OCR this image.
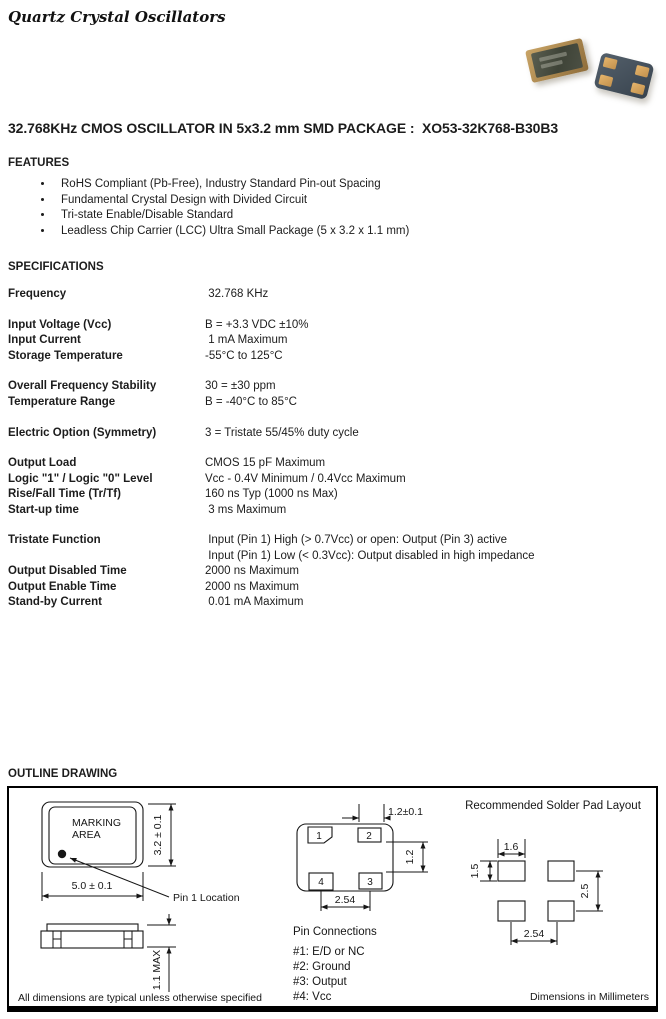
Quartz Crystal Oscillators
32.768KHz CMOS OSCILLATOR IN 5x3.2 mm SMD PACKAGE :  XO53-32K768-B30B3
FEATURES
• RoHS Compliant (Pb-Free), Industry Standard Pin-out Spacing
• Fundamental Crystal Design with Divided Circuit
• Tri-state Enable/Disable Standard
• Leadless Chip Carrier (LCC) Ultra Small Package (5 x 3.2 x 1.1 mm)
SPECIFICATIONS
Frequency	32.768 KHz
Input Voltage (Vcc)	B = +3.3 VDC ±10%
Input Current	1 mA Maximum
Storage Temperature	-55°C to 125°C
Overall Frequency Stability	30 = ±30 ppm
Temperature Range	B = -40°C to 85°C
Electric Option (Symmetry)	3 = Tristate 55/45% duty cycle
Output Load	CMOS 15 pF Maximum
Logic "1" / Logic "0" Level	Vcc - 0.4V Minimum / 0.4Vcc Maximum
Rise/Fall Time (Tr/Tf)	160 ns Typ (1000 ns Max)
Start-up time	3 ms Maximum
Tristate Function	Input (Pin 1) High (> 0.7Vcc) or open: Output (Pin 3) active
Input (Pin 1) Low (< 0.3Vcc): Output disabled in high impedance
Output Disabled Time	2000 ns Maximum
Output Enable Time	2000 ns Maximum
Stand-by Current	0.01 mA Maximum
OUTLINE DRAWING
MARKING
AREA	3.2 ± 0.1
5.0 ± 0.1
Pin 1 Location
1.1 MAX
1	2
4	3
1.2±0.1
1.2
2.54
Pin Connections
#1: E/D or NC
#2: Ground
#3: Output
#4: Vcc
Recommended Solder Pad Layout
1.6
1.5
2.5
2.54
All dimensions are typical unless otherwise specified	Dimensions in Millimeters
